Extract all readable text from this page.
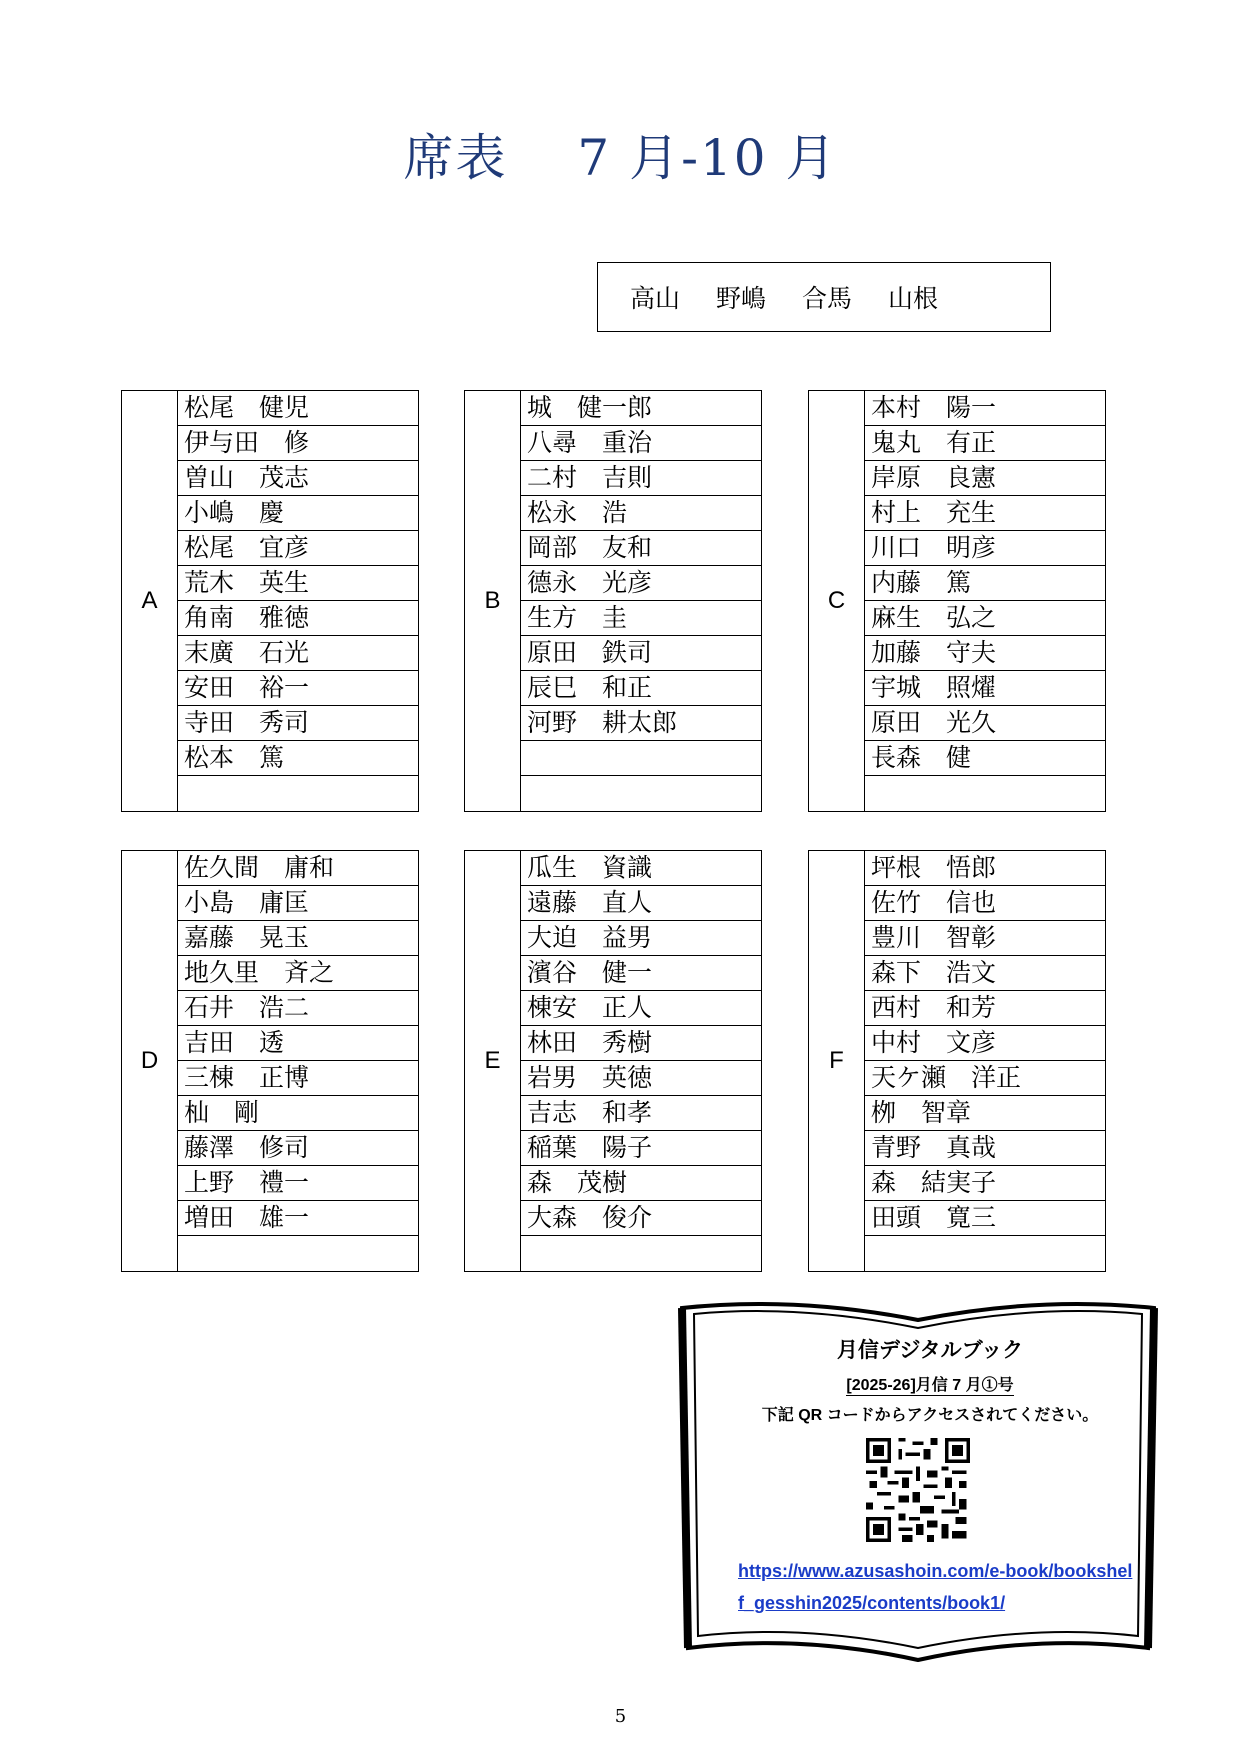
席表　 7 月-10 月
高山 野嶋 合馬 山根
A
松尾　健児
伊与田　修
曽山　茂志
小嶋　慶
松尾　宜彦
荒木　英生
角南　雅徳
末廣　石光
安田　裕一
寺田　秀司
松本　篤
B
城　健一郎
八尋　重治
二村　吉則
松永　浩
岡部　友和
德永　光彦
生方　圭
原田　鉄司
辰巳　和正
河野　耕太郎
C
本村　陽一
鬼丸　有正
岸原　良憲
村上　充生
川口　明彦
内藤　篤
麻生　弘之
加藤　守夫
宇城　照燿
原田　光久
長森　健
D
佐久間　庸和
小島　庸匡
嘉藤　晃玉
地久里　斉之
石井　浩二
吉田　透
三棟　正博
杣　剛
藤澤　修司
上野　禮一
増田　雄一
E
瓜生　資識
遠藤　直人
大迫　益男
濱谷　健一
棟安　正人
林田　秀樹
岩男　英徳
吉志　和孝
稲葉　陽子
森　茂樹
大森　俊介
F
坪根　悟郎
佐竹　信也
豊川　智彰
森下　浩文
西村　和芳
中村　文彦
天ケ瀬　洋正
栁　智章
青野　真哉
森　結実子
田頭　寛三
月信デジタルブック
[2025-26]月信 7 月①号
下記 QR コードからアクセスされてください。
https://www.azusashoin.com/e-book/bookshelf_gesshin2025/contents/book1/
5
